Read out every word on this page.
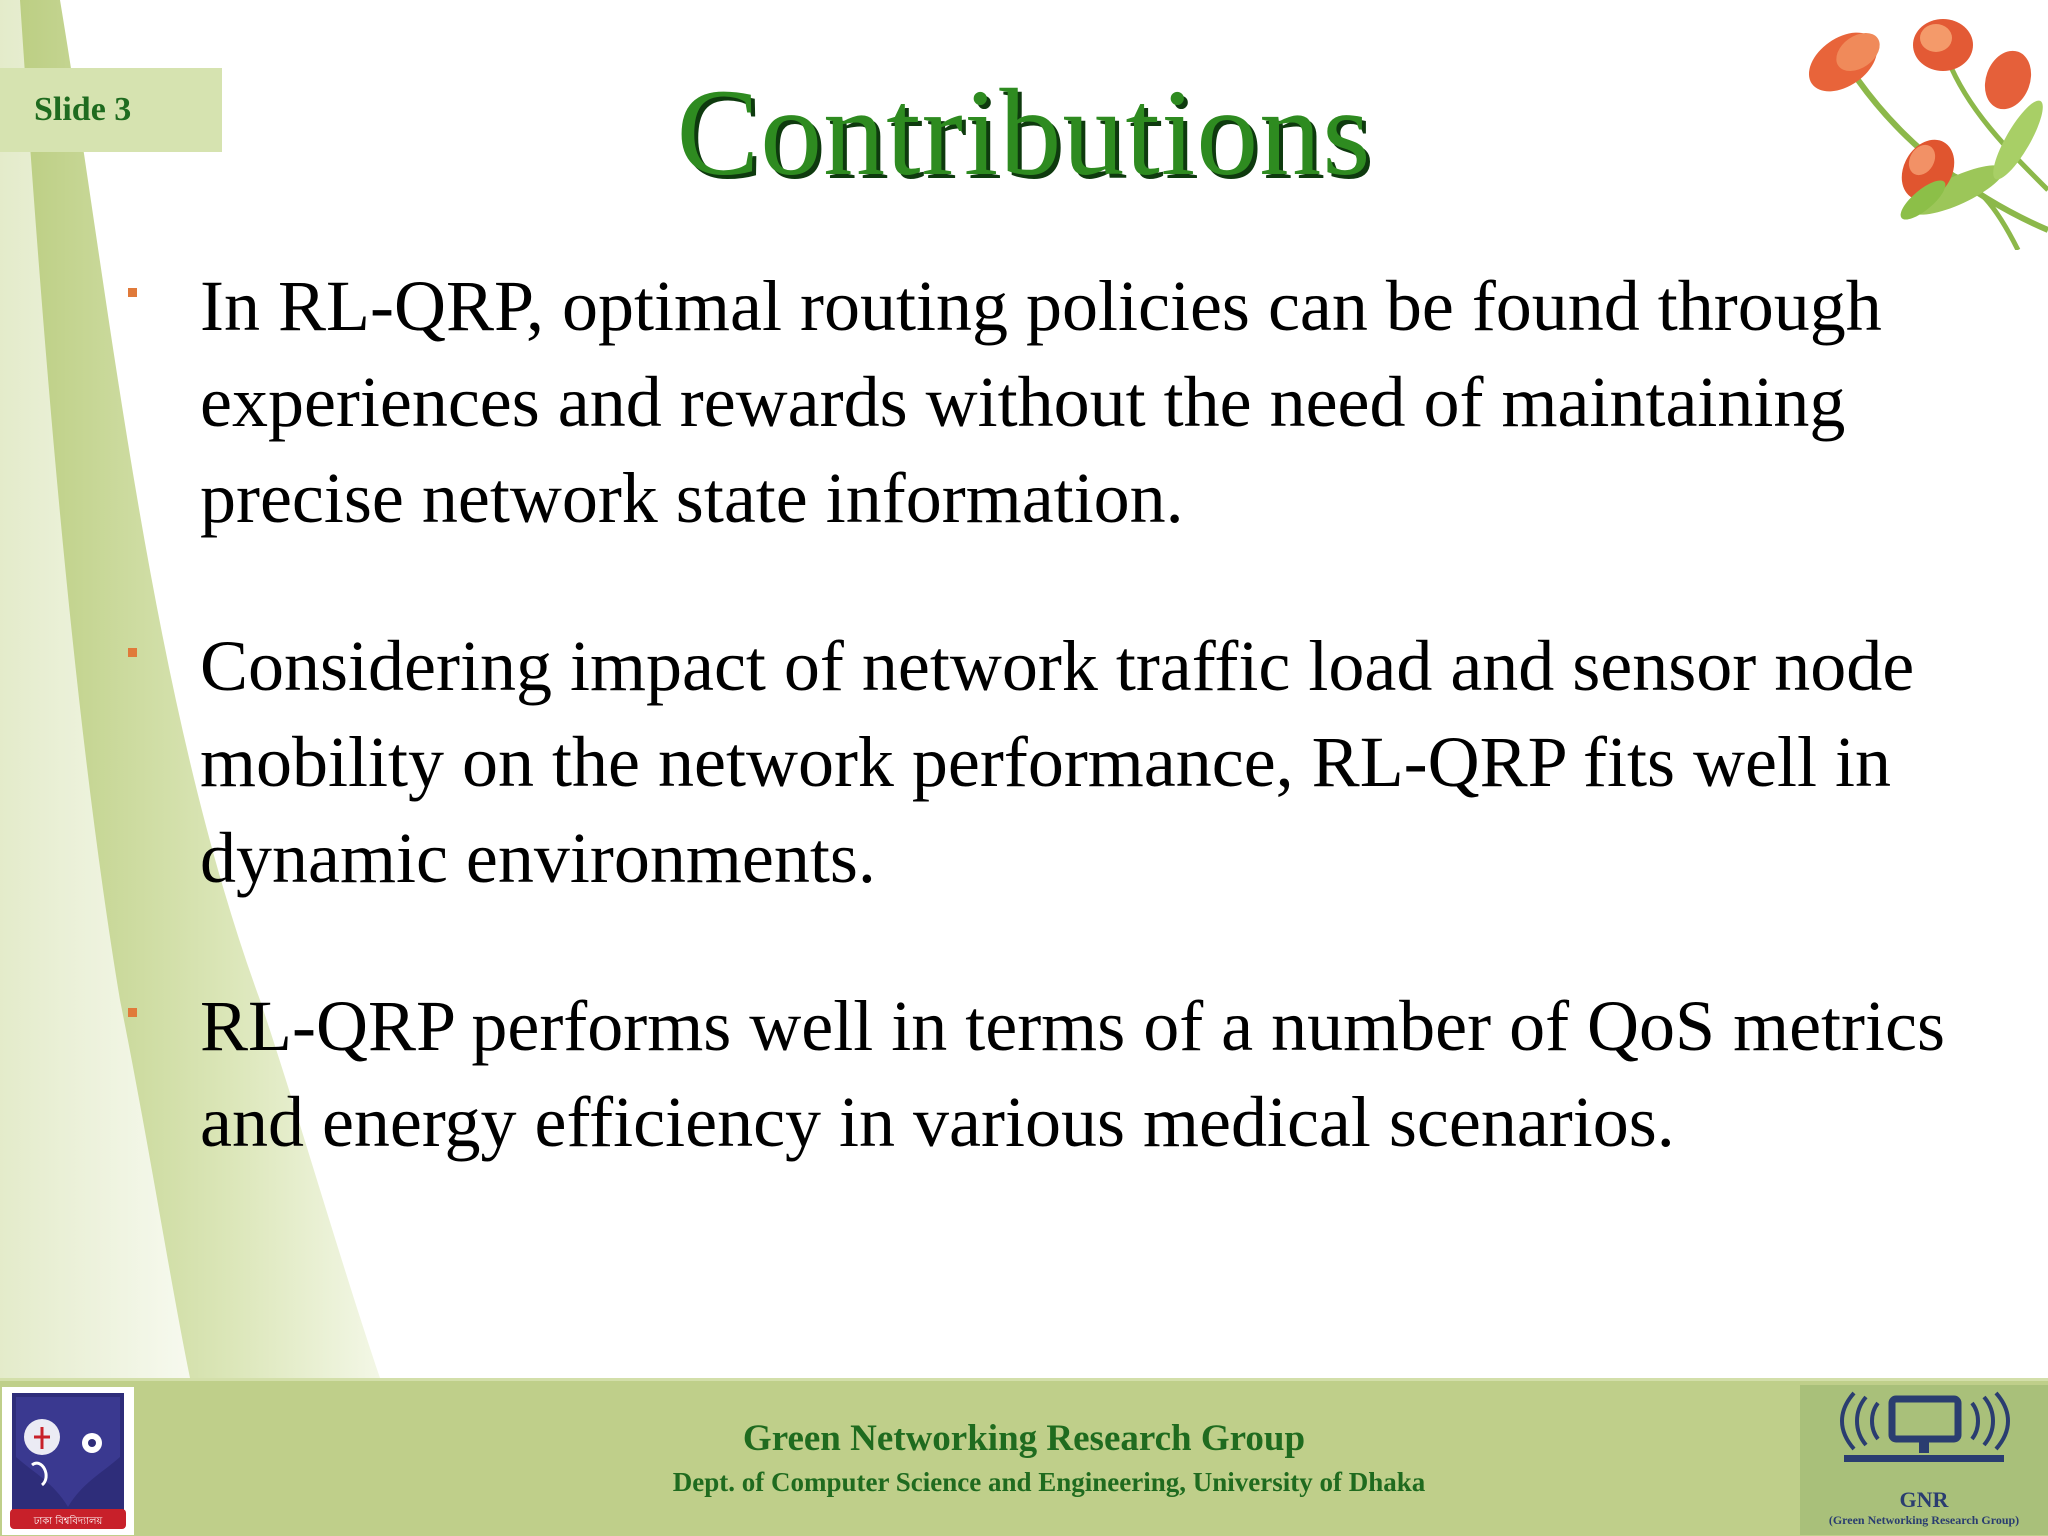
Slide 3	Contributions
In RL-QRP, optimal routing policies can be found through experiences and rewards without the need of maintaining precise network state information.
Considering impact of network traffic load and sensor node mobility on the network performance, RL-QRP fits well in dynamic environments.
RL-QRP performs well in terms of a number of QoS metrics and energy efficiency in various medical scenarios.
ঢাকা বিশ্ববিদ্যালয়
Green Networking Research Group
Dept. of Computer Science and Engineering, University of Dhaka
GNR
(Green Networking Research Group)
